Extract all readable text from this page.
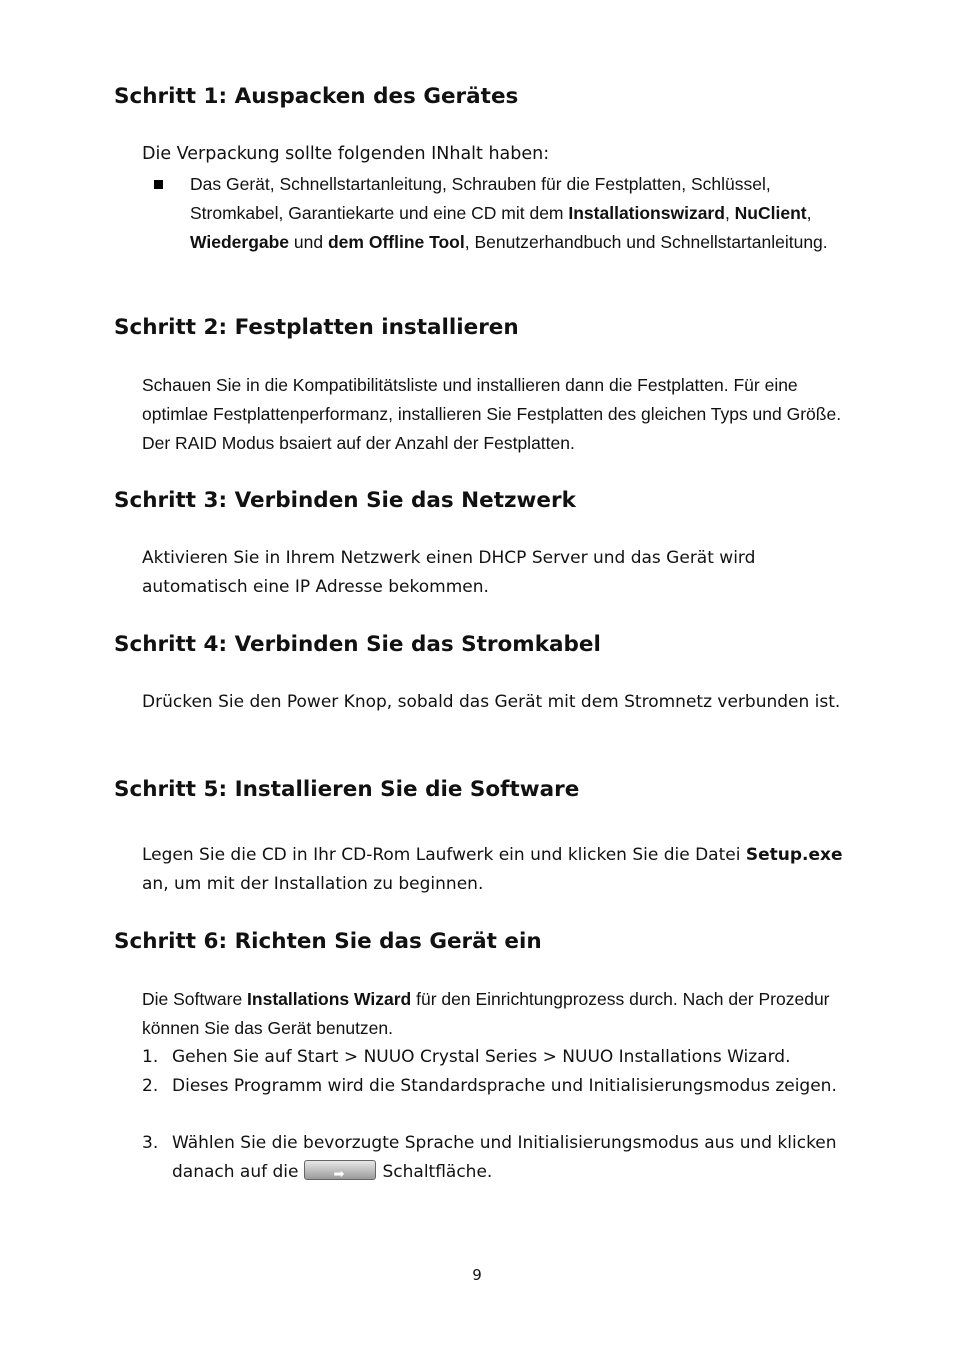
Schritt 1: Auspacken des Gerätes

Die Verpackung sollte folgenden INhalt haben:

Das Gerät, Schnellstartanleitung, Schrauben für die Festplatten, Schlüssel, Stromkabel, Garantiekarte und eine CD mit dem Installationswizard, NuClient, Wiedergabe und dem Offline Tool, Benutzerhandbuch und Schnellstartanleitung.
Schritt 2: Festplatten installieren

Schauen Sie in die Kompatibilitätsliste und installieren dann die Festplatten. Für eine optimlae Festplattenperformanz, installieren Sie Festplatten des gleichen Typs und Größe. Der RAID Modus bsaiert auf der Anzahl der Festplatten.

Schritt 3: Verbinden Sie das Netzwerk

Aktivieren Sie in Ihrem Netzwerk einen DHCP Server und das Gerät wird automatisch eine IP Adresse bekommen.

Schritt 4: Verbinden Sie das Stromkabel

Drücken Sie den Power Knop, sobald das Gerät mit dem Stromnetz verbunden ist.

Schritt 5: Installieren Sie die Software

Legen Sie die CD in Ihr CD-Rom Laufwerk ein und klicken Sie die Datei Setup.exe an, um mit der Installation zu beginnen.

Schritt 6: Richten Sie das Gerät ein

Die Software Installations Wizard für den Einrichtungprozess durch. Nach der Prozedur können Sie das Gerät benutzen.

1. Gehen Sie auf Start > NUUO Crystal Series > NUUO Installations Wizard.
2. Dieses Programm wird die Standardsprache und Initialisierungsmodus zeigen.
3. Wählen Sie die bevorzugte Sprache und Initialisierungsmodus aus und klicken danach auf die➡	Schaltfläche.
9
